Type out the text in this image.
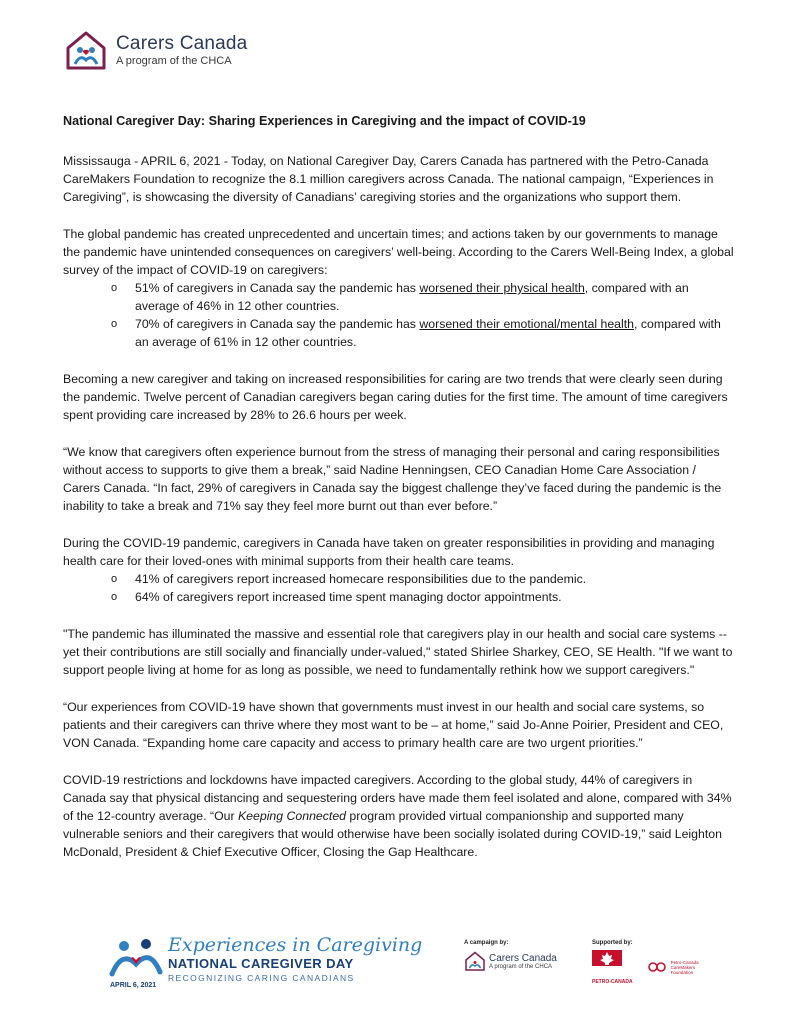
Carers Canada
A program of the CHCA
National Caregiver Day: Sharing Experiences in Caregiving and the impact of COVID-19

Mississauga - APRIL 6, 2021 - Today, on National Caregiver Day, Carers Canada has partnered with the Petro-Canada CareMakers Foundation to recognize the 8.1 million caregivers across Canada. The national campaign, “Experiences in Caregiving”, is showcasing the diversity of Canadians’ caregiving stories and the organizations who support them.

The global pandemic has created unprecedented and uncertain times; and actions taken by our governments to manage the pandemic have unintended consequences on caregivers’ well-being. According to the Carers Well-Being Index, a global survey of the impact of COVID-19 on caregivers:

o 51% of caregivers in Canada say the pandemic has worsened their physical health, compared with an average of 46% in 12 other countries.
o 70% of caregivers in Canada say the pandemic has worsened their emotional/mental health, compared with an average of 61% in 12 other countries.

Becoming a new caregiver and taking on increased responsibilities for caring are two trends that were clearly seen during the pandemic. Twelve percent of Canadian caregivers began caring duties for the first time. The amount of time caregivers spent providing care increased by 28% to 26.6 hours per week.

“We know that caregivers often experience burnout from the stress of managing their personal and caring responsibilities without access to supports to give them a break,” said Nadine Henningsen, CEO Canadian Home Care Association / Carers Canada. “In fact, 29% of caregivers in Canada say the biggest challenge they’ve faced during the pandemic is the inability to take a break and 71% say they feel more burnt out than ever before.”

During the COVID-19 pandemic, caregivers in Canada have taken on greater responsibilities in providing and managing health care for their loved-ones with minimal supports from their health care teams.

o 41% of caregivers report increased homecare responsibilities due to the pandemic.
o 64% of caregivers report increased time spent managing doctor appointments.

"The pandemic has illuminated the massive and essential role that caregivers play in our health and social care systems -- yet their contributions are still socially and financially under-valued," stated Shirlee Sharkey, CEO, SE Health. "If we want to support people living at home for as long as possible, we need to fundamentally rethink how we support caregivers."

“Our experiences from COVID-19 have shown that governments must invest in our health and social care systems, so patients and their caregivers can thrive where they most want to be – at home,” said Jo-Anne Poirier, President and CEO, VON Canada. “Expanding home care capacity and access to primary health care are two urgent priorities.”

COVID-19 restrictions and lockdowns have impacted caregivers. According to the global study, 44% of caregivers in Canada say that physical distancing and sequestering orders have made them feel isolated and alone, compared with 34% of the 12-country average. “Our Keeping Connected program provided virtual companionship and supported many vulnerable seniors and their caregivers that would otherwise have been socially isolated during COVID-19,” said Leighton McDonald, President & Chief Executive Officer, Closing the Gap Healthcare.

Experiences in Caregiving
NATIONAL CAREGIVER DAY
RECOGNIZING CARING CANADIANS
APRIL 6, 2021
A campaign by:
Carers Canada
A program of the CHCA
Supported by:
PETRO-CANADA
Petro-Canada CareMakers Foundation
